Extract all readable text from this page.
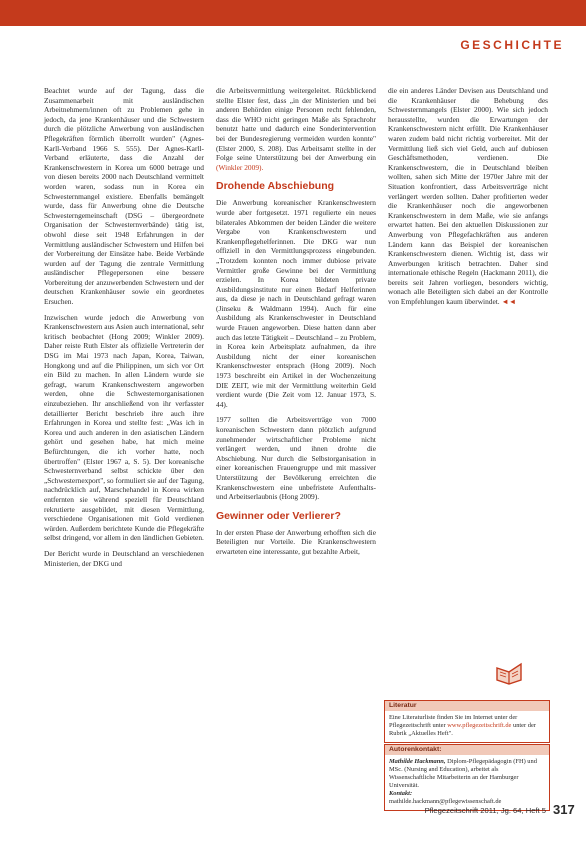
GESCHICHTE

Beachtet wurde auf der Tagung, dass die Zusammenarbeit mit ausländischen Arbeitnehmern/innen oft zu Problemen gehe in jedoch, da jene Krankenhäuser und die Schwestern durch die plötzliche Anwerbung von ausländischen Pflegekräften förmlich überrollt wurden" (Agnes-Karll-Verband 1966 S. 555). Der Agnes-Karll-Verband erläuterte, dass die Anzahl der Krankenschwestern in Korea um 6000 betrage und von diesen bereits 2000 nach Deutschland vermittelt worden waren, sodass nun in Korea ein Schwesternmangel existiere. Ebenfalls bemängelt wurde, dass für Anwerbung ohne die Deutsche Schwesterngemeinschaft (DSG – übergeordnete Organisation der Schwesternverbände) tätig ist, obwohl diese seit 1948 Erfahrungen in der Vermittlung ausländischer Schwestern und Hilfen bei der Vorbereitung der Einsätze habe. Beide Verbände wurden auf der Tagung die zentrale Vermittlung ausländischer Pflegepersonen eine bessere Vorbereitung der anzuwerbenden Schwestern und der deutschen Krankenhäuser sowie ein geordnetes Ersuchen.

Inzwischen wurde jedoch die Anwerbung von Krankenschwestern aus Asien auch international, sehr kritisch beobachtet (Hong 2009; Winkler 2009). Daher reiste Ruth Elster als offizielle Vertreterin der DSG im Mai 1973 nach Japan, Korea, Taiwan, Hongkong und auf die Philippinen, um sich vor Ort ein Bild zu machen. In allen Ländern wurde sie gefragt, warum Krankenschwestern angeworben werden, ohne die Schwesternorganisationen einzubeziehen. Ihr anschließend von ihr verfasster detaillierter Bericht beschrieb ihre auch ihre Erfahrungen in Korea und stellte fest: „Was ich in Korea und auch anderen in den asiatischen Ländern gehört und gesehen habe, hat mich meine Befürchtungen, die ich vorher hatte, noch übertroffen" (Elster 1967 a, S. 5). Der koreanische Schwesternverband selbst schickte über den „Schwesternexport", so formuliert sie auf der Tagung, nachdrücklich auf, Marschehandel in Korea wirken entfernten sie während speziell für Deutschland rekrutierte ausgebildet, mit diesen Vermittlung, verschiedene Organisationen mit Gold verdienen würden. Außerdem berichtete Kunde die Pflegekräfte selbst dringend, vor allem in den ländlichen Gebieten.

Der Bericht wurde in Deutschland an verschiedenen Ministerien, der DKG und

die Arbeitsvermittlung weitergeleitet. Rückblickend stellte Elster fest, dass „in der Ministerien und bei anderen Behörden einige Personen recht fehlenden, dass die WHO nicht geringen Maße als Sprachrohr benutzt hatte und dadurch eine Sonderintervention bei der Bundesregierung vermeiden wurden konnte" (Elster 2000, S. 208). Das Arbeitsamt stellte in der Folge seine Unterstützung bei der Anwerbung ein (Winkler 2009).

Drohende Abschiebung

Die Anwerbung koreanischer Krankenschwestern wurde aber fortgesetzt. 1971 regulierte ein neues bilaterales Abkommen der beiden Länder die weitere Vergabe von Krankenschwestern und Krankenpflegehelferinnen. Die DKG war nun offiziell in den Vermittlungsprozess eingebunden. „Trotzdem konnten noch immer dubiose private Vermittler große Gewinne bei der Vermittlung erzielen. In Korea bildeten private Ausbildungsinstitute nur einen Bedarf Helferinnen aus, da diese je nach in Deutschland gefragt waren (Jinseku & Waldmann 1994). Auch für eine Ausbildung als Krankenschwester in Deutschland wurde Frauen angeworben. Diese hatten dann aber auch das letzte Tätigkeit – Deutschland – zu Problem, in Korea kein Arbeitsplatz aufnahmen, da ihre Ausbildung nicht der einer koreanischen Krankenschwester entsprach (Hong 2009). Noch 1973 beschreibt ein Artikel in der Wochenzeitung DIE ZEIT, wie mit der Vermittlung weiterhin Geld verdient wurde (Die Zeit vom 12. Januar 1973, S. 44).

1977 sollten die Arbeitsverträge von 7000 koreanischen Schwestern dann plötzlich aufgrund zunehmender wirtschaftlicher Probleme nicht verlängert werden, und ihnen drohte die Abschiebung. Nur durch die Selbstorganisation in einer koreanischen Frauengruppe und mit massiver Unterstützung der Bevölkerung erreichten die Krankenschwestern eine unbefristete Aufenthalts- und Arbeitserlaubnis (Hong 2009).

Gewinner oder Verlierer?

In der ersten Phase der Anwerbung erhofften sich die Beteiligten nur Vorteile. Die Krankenschwestern erwarteten eine interessante, gut bezahlte Arbeit,

die ein anderes Länder Devisen aus Deutschland und die Krankenhäuser die Behebung des Schwesternmangels (Elster 2000). Wie sich jedoch herausstellte, wurden die Erwartungen der Krankenschwestern nicht erfüllt. Die Krankenhäuser waren zudem bald nicht richtig vorbereitet. Mit der Vermittlung ließ sich viel Geld, auch auf dubiosen Geschäftsmethoden, verdienen. Die Krankenschwestern, die in Deutschland bleiben wollten, sahen sich Mitte der 1970er Jahre mit der Situation konfrontiert, dass Arbeitsverträge nicht verlängert werden sollten. Daher profitierten weder die Krankenhäuser noch die angeworbenen Krankenschwestern in dem Maße, wie sie anfangs erwartet hatten. Bei den aktuellen Diskussionen zur Anwerbung von Pflegefachkräften aus anderen Ländern kann das Beispiel der koreanischen Krankenschwestern dienen. Wichtig ist, dass wir Anwerbungen kritisch betrachten. Daher sind internationale ethische Regeln (Hackmann 2011), die bereits seit Jahren vorliegen, besonders wichtig, wonach alle Beteiligten sich dabei an der Kontrolle von Empfehlungen kaum überwindet. ◄◄

Literatur
Eine Literaturliste finden Sie im Internet unter der Pflegezeitschrift unter www.pflegezeitschrift.de unter der Rubrik „Aktuelles Heft".
Autorenkontakt:
Mathilde Hackmann, Diplom-Pflegepädagogin (FH) und MSc. (Nursing and Education), arbeitet als Wissenschaftliche Mitarbeiterin an der Hamburger Universität.
Kontakt:
mathilde.hackmann@pflegewissenschaft.de
Pflegezeitschrift 2011, Jg. 64, Heft 5 317
